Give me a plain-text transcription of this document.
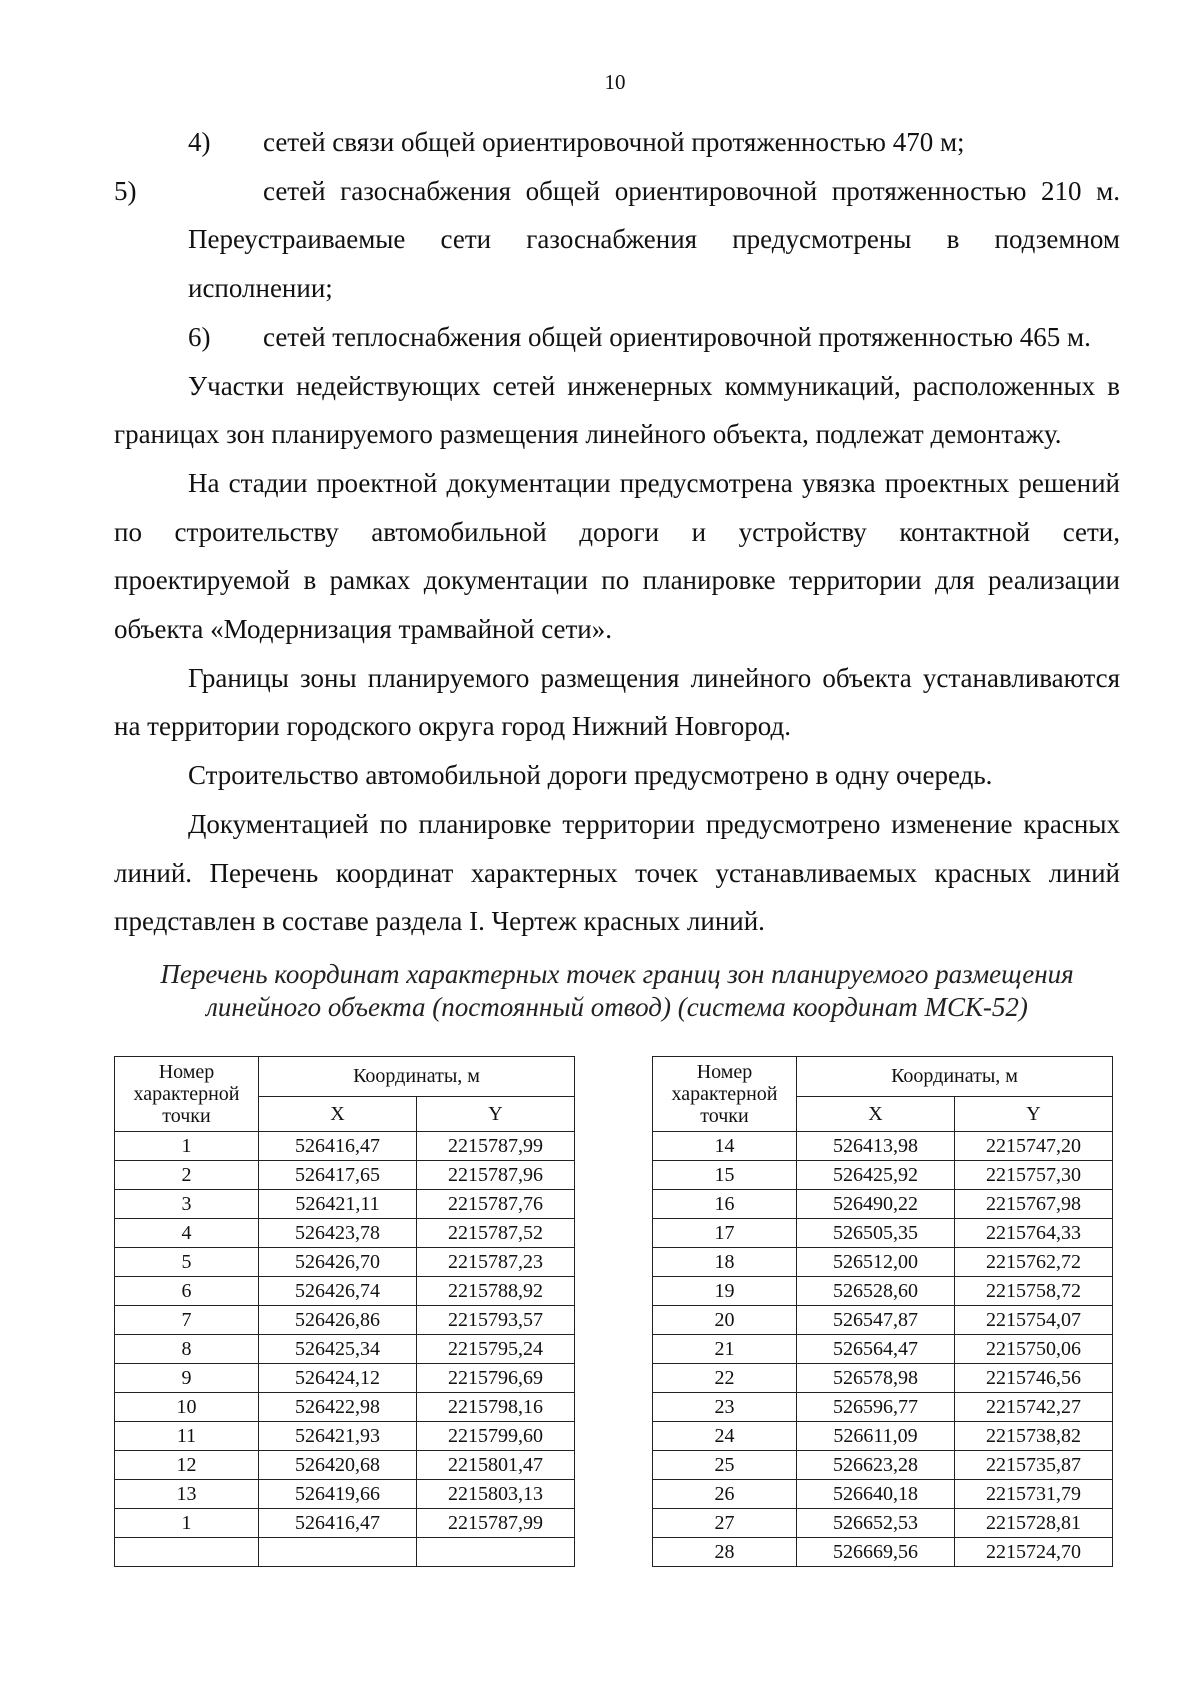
10

4) сетей связи общей ориентировочной протяженностью 470 м;

5)	сетей газоснабжения общей ориентировочной протяженностью 210 м. Переустраиваемые сети газоснабжения предусмотрены в подземном исполнении;

6) сетей теплоснабжения общей ориентировочной протяженностью 465 м.

Участки недействующих сетей инженерных коммуникаций, расположенных в границах зон планируемого размещения линейного объекта, подлежат демонтажу.

На стадии проектной документации предусмотрена увязка проектных решений по строительству автомобильной дороги и устройству контактной сети, проектируемой в рамках документации по планировке территории для реализации объекта «Модернизация трамвайной сети».

Границы зоны планируемого размещения линейного объекта устанавливаются на территории городского округа город Нижний Новгород.

Строительство автомобильной дороги предусмотрено в одну очередь.

Документацией по планировке территории предусмотрено изменение красных линий. Перечень координат характерных точек устанавливаемых красных линий представлен в составе раздела I. Чертеж красных линий.

Перечень координат характерных точек границ зон планируемого размещения
линейного объекта (постоянный отвод) (система координат МСК-52)
Номер характерной точки	Координаты, м	
	X	Y
1	526416,47	2215787,99
2	526417,65	2215787,96
3	526421,11	2215787,76
4	526423,78	2215787,52
5	526426,70	2215787,23
6	526426,74	2215788,92
7	526426,86	2215793,57
8	526425,34	2215795,24
9	526424,12	2215796,69
10	526422,98	2215798,16
11	526421,93	2215799,60
12	526420,68	2215801,47
13	526419,66	2215803,13
1	526416,47	2215787,99

Номер характерной точки	Координаты, м	
	X	Y
14	526413,98	2215747,20
15	526425,92	2215757,30
16	526490,22	2215767,98
17	526505,35	2215764,33
18	526512,00	2215762,72
19	526528,60	2215758,72
20	526547,87	2215754,07
21	526564,47	2215750,06
22	526578,98	2215746,56
23	526596,77	2215742,27
24	526611,09	2215738,82
25	526623,28	2215735,87
26	526640,18	2215731,79
27	526652,53	2215728,81
28	526669,56	2215724,70
